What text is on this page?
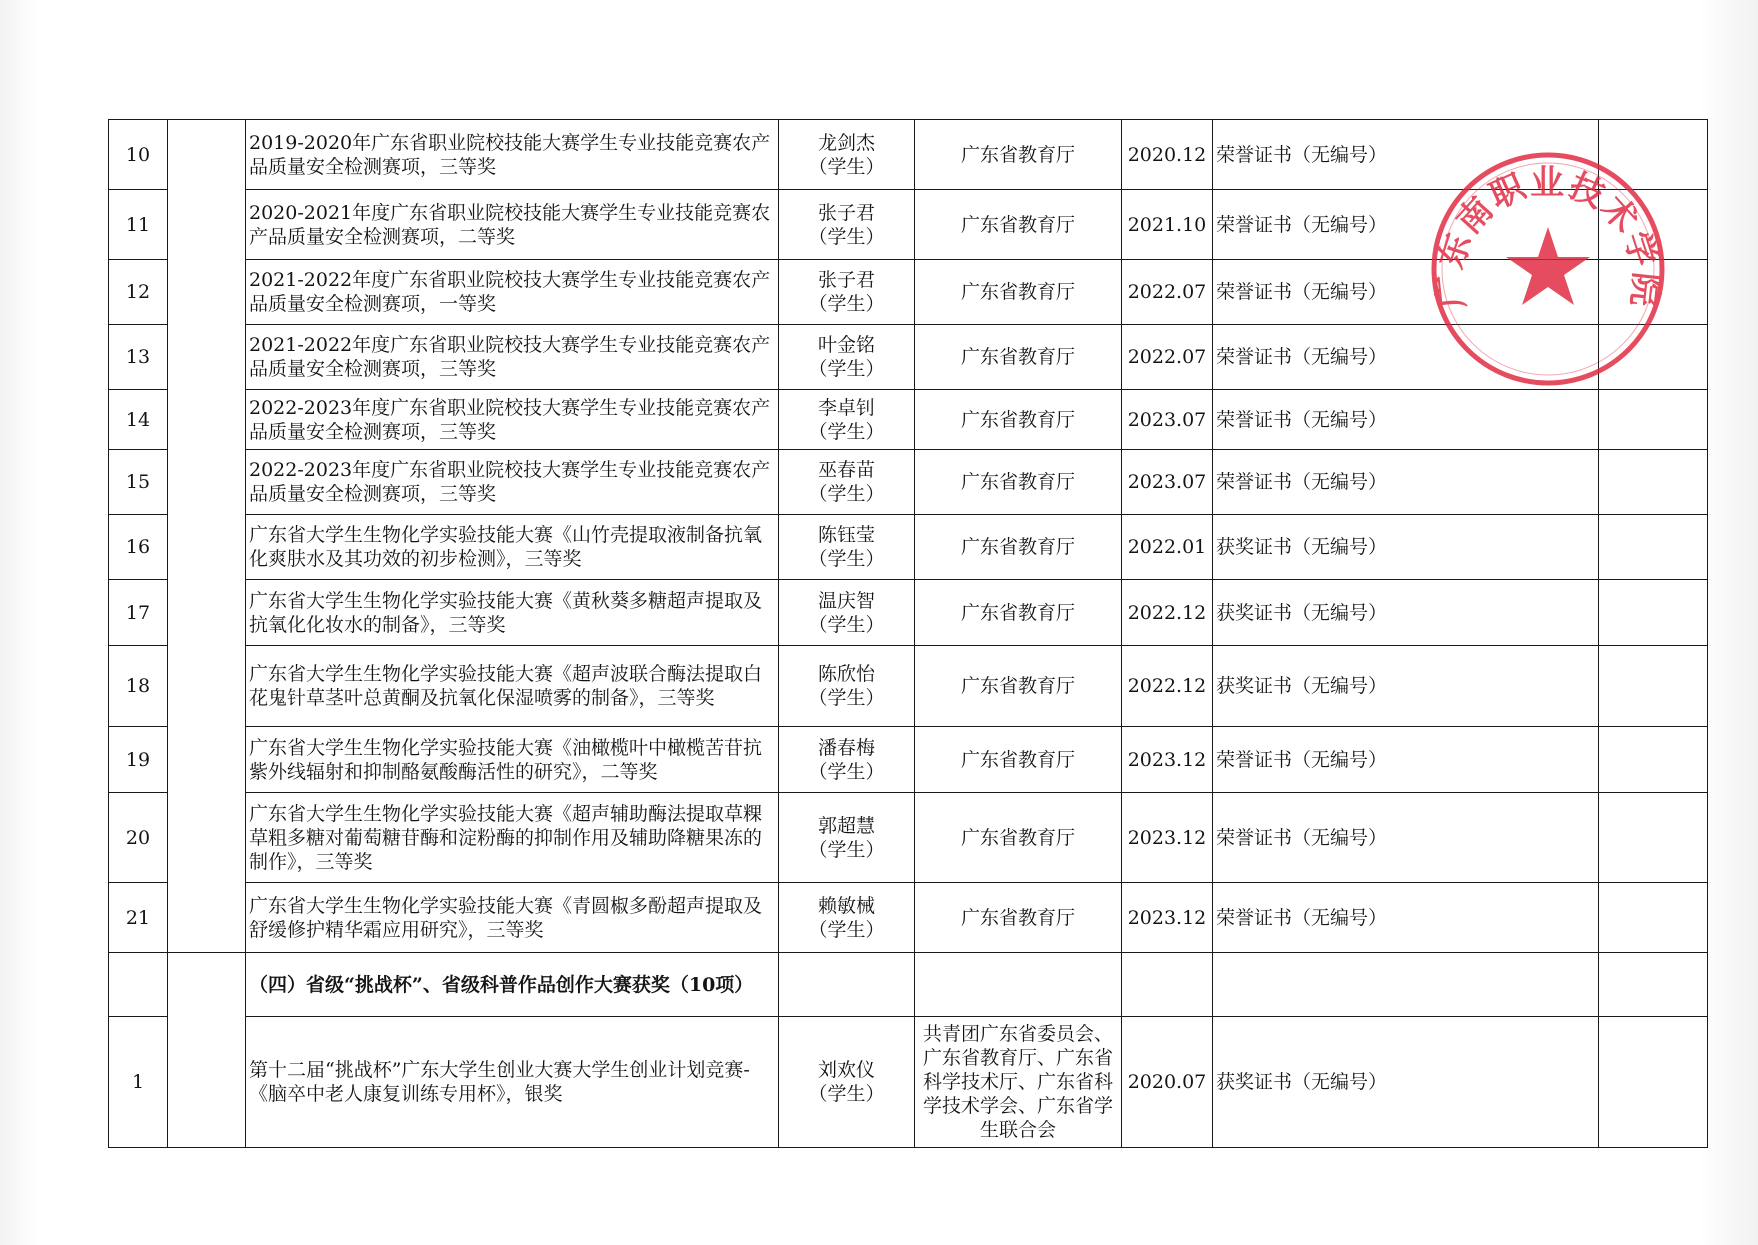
10		2019-2020年广东省职业院校技能大赛学生专业技能竞赛农产品质量安全检测赛项，三等奖	龙剑杰
（学生）	广东省教育厅	2020.12	荣誉证书（无编号）	
11		2020-2021年度广东省职业院校技能大赛学生专业技能竞赛农产品质量安全检测赛项，二等奖	张子君
（学生）	广东省教育厅	2021.10	荣誉证书（无编号）	
12		2021-2022年度广东省职业院校技大赛学生专业技能竞赛农产品质量安全检测赛项，一等奖	张子君
（学生）	广东省教育厅	2022.07	荣誉证书（无编号）	
13		2021-2022年度广东省职业院校技大赛学生专业技能竞赛农产品质量安全检测赛项，三等奖	叶金铭
（学生）	广东省教育厅	2022.07	荣誉证书（无编号）	
14		2022-2023年度广东省职业院校技大赛学生专业技能竞赛农产品质量安全检测赛项，三等奖	李卓钊
（学生）	广东省教育厅	2023.07	荣誉证书（无编号）	
15		2022-2023年度广东省职业院校技大赛学生专业技能竞赛农产品质量安全检测赛项，三等奖	巫春苗
（学生）	广东省教育厅	2023.07	荣誉证书（无编号）	
16		广东省大学生生物化学实验技能大赛《山竹壳提取液制备抗氧化爽肤水及其功效的初步检测》，三等奖	陈钰莹
（学生）	广东省教育厅	2022.01	获奖证书（无编号）	
17		广东省大学生生物化学实验技能大赛《黄秋葵多糖超声提取及抗氧化化妆水的制备》，三等奖	温庆智
（学生）	广东省教育厅	2022.12	获奖证书（无编号）	
18		广东省大学生生物化学实验技能大赛《超声波联合酶法提取白花鬼针草茎叶总黄酮及抗氧化保湿喷雾的制备》，三等奖	陈欣怡
（学生）	广东省教育厅	2022.12	获奖证书（无编号）	
19		广东省大学生生物化学实验技能大赛《油橄榄叶中橄榄苦苷抗紫外线辐射和抑制酪氨酸酶活性的研究》，二等奖	潘春梅
（学生）	广东省教育厅	2023.12	荣誉证书（无编号）	
20		广东省大学生生物化学实验技能大赛《超声辅助酶法提取草粿草粗多糖对葡萄糖苷酶和淀粉酶的抑制作用及辅助降糖果冻的制作》，三等奖	郭超慧
（学生）	广东省教育厅	2023.12	荣誉证书（无编号）	
21		广东省大学生生物化学实验技能大赛《青圆椒多酚超声提取及舒缓修护精华霜应用研究》，三等奖	赖敏械
（学生）	广东省教育厅	2023.12	荣誉证书（无编号）	
		（四）省级“挑战杯”、省级科普作品创作大赛获奖（10项）					
1		第十二届“挑战杯”广东大学生创业大赛大学生创业计划竞赛-《脑卒中老人康复训练专用杯》，银奖	刘欢仪
（学生）	共青团广东省委员会、广东省教育厅、广东省科学技术厅、广东省科学技术学会、广东省学生联合会	2020.07	获奖证书（无编号）	
广东南职业技术学院
